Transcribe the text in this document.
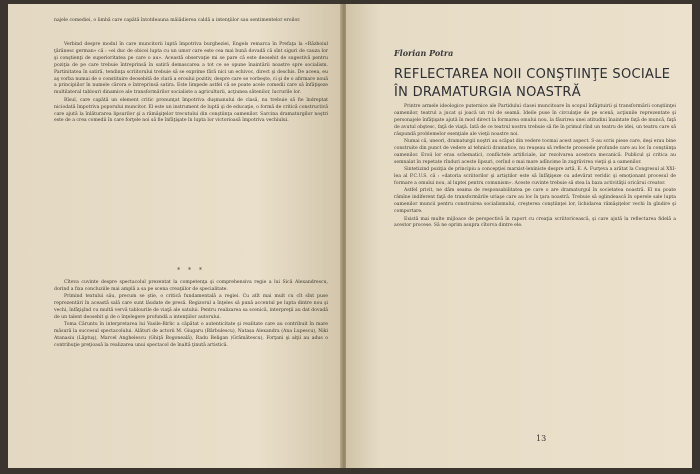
najele comediei, o limbă care capătă întotdeauna măiădierea caldă a intenţiilor sau sentimentelor eroilor.

Verbind despre modul în care muncitorii luptă împotriva burgheziei, Engels remarca în Prefaţa la «Războiul ţărănesc german» că : «ei duc de obicei lupta cu un umor care este cea mai bună dovadă că sînt siguri de cauza lor şi conştienţi de superioritatea pe care o au». Această observaţie mi se pare că este deosebit de sugestivă pentru poziţia de pe care trebuie întreprinsă în satiră demascarea a tot ce se opune înaintării noastre spre socialism. Partinitatea în satiră, tendinţa scriitorului trebuie să se exprime fără nici un echivoc, direct şi deschis. De aceea, eu aş vorba numai de o constituire deosebită de clară a eroului pozitiv, despre care se vorbeşte, ci şi de o afirmare nouă a principiilor în numele cărora e întreprinsă satira. Este limpede astfel că se poate acele comedii care să înfăţişeze multilateral tablouri dinamice ale transformărilor socialiste a agriculturii, acţiunea sătenilor, lucrurile lor.

Rîsul, care capătă un element critic pronunţat împotriva duşmanului de clasă, nu trebuie să fie îndreptat niciodată împotriva poporului muncitor. El este un instrument de luptă şi de educaţie, o formă de critică constructivă care ajută la înlăturarea lipsurilor şi a rămăşiţelor trecutului din conştiinţa oamenilor. Sarcina dramaturgilor noştri este de a crea comedii în care forţele noi să fie înfăţişate în lupta lor victorioasă împotriva vechiului.

* * *

Cîteva cuvinte despre spectacolul prezentat la competenţa şi comprehensiva regie a lui Sică Alexandrescu, dorind a fixa concluziile mai amplă a sa pe scena creaţiilor de specialitate.

Primind textului său, precum se ştie, o critică fundamentală a regiei. Cu atît mai mult cu cît sînt puse reprezentări în această sală care sunt lăudate de presă. Regizorul a înţeles să pună accentul pe lupta dintre nou şi vechi, înfăţişînd cu multă vervă tablourile de viaţă ale satului. Pentru realizarea sa scenică, interpreţii au dat dovadă de un talent deosebit şi de o înţelegere profundă a intenţiilor autorului.

Toma Căruntu în interpretarea lui Vasile-Birlic a căpătat o autenticitate şi realitate care au contribuit în mare măsură la succesul spectacolului. Alături de actorii M. Giugaru (Bărbulescu), Natașa Alexandra (Ana Lupescu), Niki Atanasiu (Lăptuş), Marcel Anghelescu (Ghiţă Bogoneală), Radu Beligan (Grămătescu), Forţani şi alţii au adus o contribuţie preţioasă la realizarea unui spectacol de înaltă ţinută artistică.

Florian Potra
REFLECTAREA NOII CONŞTIINŢE SOCIALE
ÎN DRAMATURGIA NOASTRĂ

Printre armele ideologice puternice ale Partidului clasei muncitoare în scopul înfăptuirii şi transformării conştiinţei oamenilor, teatrul a jucat şi joacă un rol de seamă. Ideile puse în circulaţie de pe scenă, acţiunile reprezentate şi personajele înfăţişate ajută în mod direct la formarea omului nou, la făurirea unei atitudini înaintate faţă de muncă, faţă de avutul obştesc, faţă de viaţă. Iată de ce teatrul nostru trebuie să fie în primul rînd un teatru de idei, un teatru care să răspundă problemelor esenţiale ale vieţii noastre noi.

Numai că, uneori, dramaturgii noştri au scăpat din vedere tocmai acest aspect. S-au scris piese care, deşi erau bine construite din punct de vedere al tehnicii dramatice, nu reuşeau să reflecte procesele profunde care au loc în conştiinţa oamenilor. Eroii lor erau schematici, conflictele artificiale, iar rezolvarea acestora mecanică. Publicul şi critica au semnalat în repetate rînduri aceste lipsuri, cerînd o mai mare adîncime în zugrăvirea vieţii şi a oamenilor.

Sintetizind poziţia de principiu a concepţiei marxist-leniniste despre artă, E. A. Furţeva a arătat la Congresul al XXI-lea al P.C.U.S. că : «datoria scriitorilor şi artiştilor este să înfăţişeze cu adevărat veridic şi emoţionant procesul de formare a omului nou, al luptei pentru comunism». Aceste cuvinte trebuie să stea la baza activităţii oricărui creator.

Astfel privit, ne dăm seama de responsabilitatea pe care o are dramaturgul în societatea noastră. El nu poate rămîne indiferent faţă de transformările uriaşe care au loc în ţara noastră. Trebuie să oglindească în operele sale lupta oamenilor muncii pentru construirea socialismului, creşterea conştiinţei lor, lichidarea rămăşiţelor vechi în gîndire şi comportare.

Există mai multe mijloace de perspectivă în raport cu creaţia scriitoricească, şi care ajută la reflectarea fidelă a acestor procese. Să ne oprim asupra cîtorva dintre ele.

13
